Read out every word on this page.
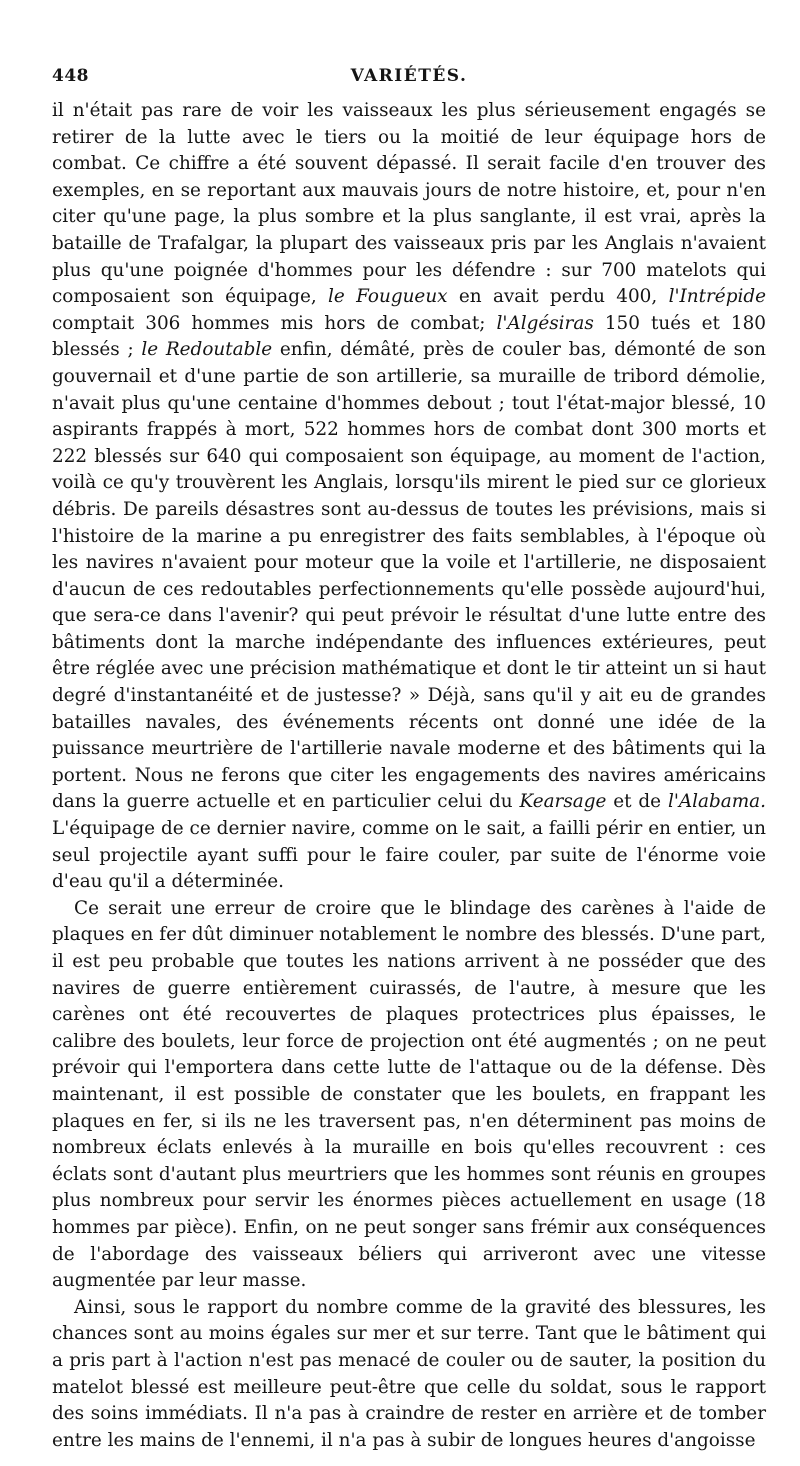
448	VARIÉTÉS.

il n'était pas rare de voir les vaisseaux les plus sérieusement engagés se retirer de la lutte avec le tiers ou la moitié de leur équipage hors de combat. Ce chiffre a été souvent dépassé. Il serait facile d'en trouver des exemples, en se reportant aux mauvais jours de notre histoire, et, pour n'en citer qu'une page, la plus sombre et la plus sanglante, il est vrai, après la bataille de Trafalgar, la plupart des vaisseaux pris par les Anglais n'avaient plus qu'une poignée d'hommes pour les défendre : sur 700 matelots qui composaient son équipage, le Fougueux en avait perdu 400, l'Intrépide comptait 306 hommes mis hors de combat; l'Algésiras 150 tués et 180 blessés ; le Redoutable enfin, démâté, près de couler bas, démonté de son gouvernail et d'une partie de son artillerie, sa muraille de tribord démolie, n'avait plus qu'une centaine d'hommes debout ; tout l'état-major blessé, 10 aspirants frappés à mort, 522 hommes hors de combat dont 300 morts et 222 blessés sur 640 qui composaient son équipage, au moment de l'action, voilà ce qu'y trouvèrent les Anglais, lorsqu'ils mirent le pied sur ce glorieux débris. De pareils désastres sont au-dessus de toutes les prévisions, mais si l'histoire de la marine a pu enregistrer des faits semblables, à l'époque où les navires n'avaient pour moteur que la voile et l'artillerie, ne disposaient d'aucun de ces redoutables perfectionnements qu'elle possède aujourd'hui, que sera-ce dans l'avenir? qui peut prévoir le résultat d'une lutte entre des bâtiments dont la marche indépendante des influences extérieures, peut être réglée avec une précision mathématique et dont le tir atteint un si haut degré d'instantanéité et de justesse? » Déjà, sans qu'il y ait eu de grandes batailles navales, des événements récents ont donné une idée de la puissance meurtrière de l'artillerie navale moderne et des bâtiments qui la portent. Nous ne ferons que citer les engagements des navires américains dans la guerre actuelle et en particulier celui du Kearsage et de l'Alabama. L'équipage de ce dernier navire, comme on le sait, a failli périr en entier, un seul projectile ayant suffi pour le faire couler, par suite de l'énorme voie d'eau qu'il a déterminée.

Ce serait une erreur de croire que le blindage des carènes à l'aide de plaques en fer dût diminuer notablement le nombre des blessés. D'une part, il est peu probable que toutes les nations arrivent à ne posséder que des navires de guerre entièrement cuirassés, de l'autre, à mesure que les carènes ont été recouvertes de plaques protectrices plus épaisses, le calibre des boulets, leur force de projection ont été augmentés ; on ne peut prévoir qui l'emportera dans cette lutte de l'attaque ou de la défense. Dès maintenant, il est possible de constater que les boulets, en frappant les plaques en fer, si ils ne les traversent pas, n'en déterminent pas moins de nombreux éclats enlevés à la muraille en bois qu'elles recouvrent : ces éclats sont d'autant plus meurtriers que les hommes sont réunis en groupes plus nombreux pour servir les énormes pièces actuellement en usage (18 hommes par pièce). Enfin, on ne peut songer sans frémir aux conséquences de l'abordage des vaisseaux béliers qui arriveront avec une vitesse augmentée par leur masse.

Ainsi, sous le rapport du nombre comme de la gravité des blessures, les chances sont au moins égales sur mer et sur terre. Tant que le bâtiment qui a pris part à l'action n'est pas menacé de couler ou de sauter, la position du matelot blessé est meilleure peut-être que celle du soldat, sous le rapport des soins immédiats. Il n'a pas à craindre de rester en arrière et de tomber entre les mains de l'ennemi, il n'a pas à subir de longues heures d'angoisse
